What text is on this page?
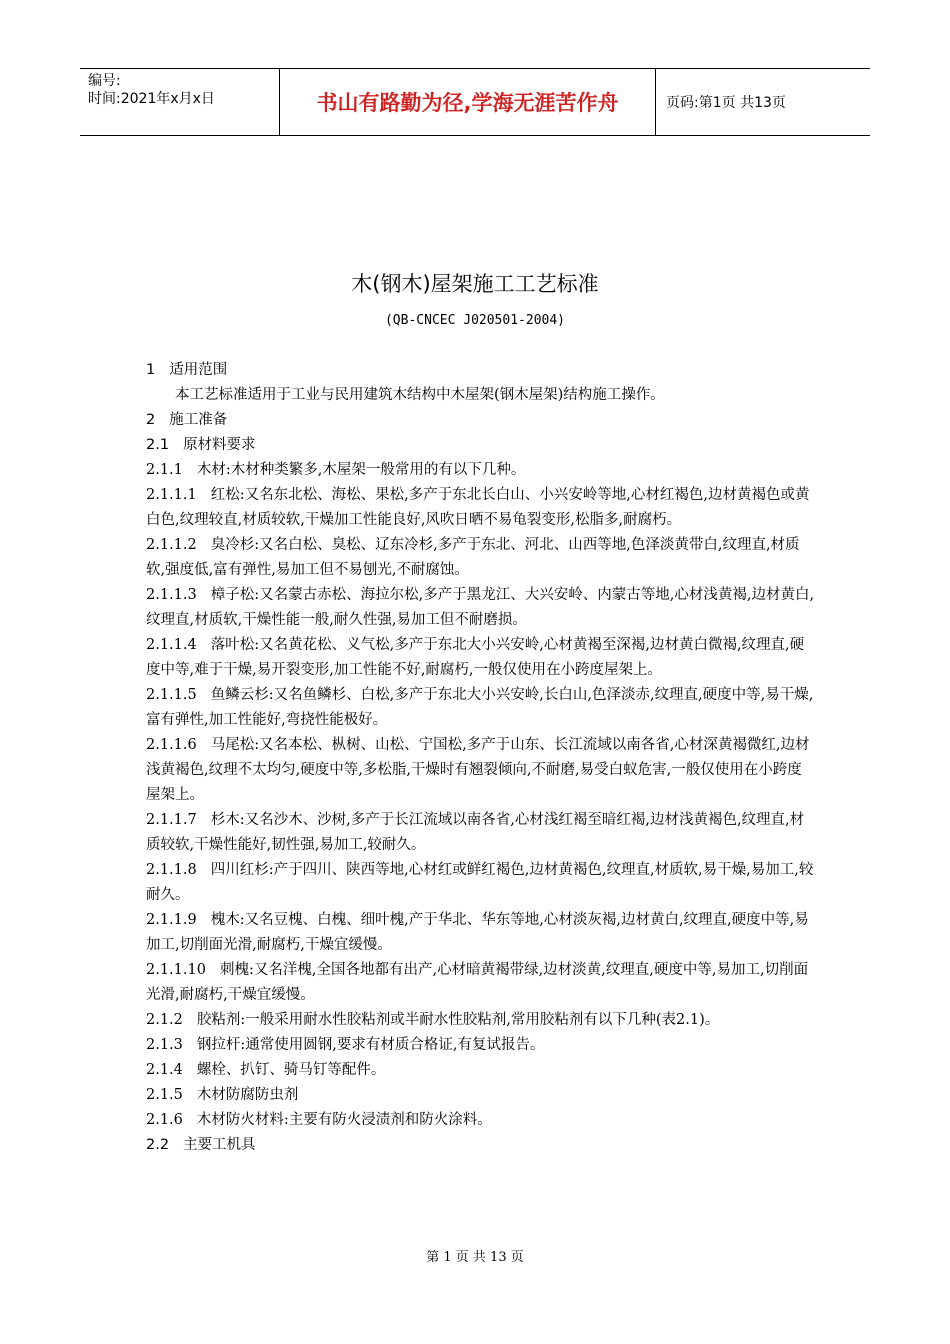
编号:
时间:2021年x月x日	书山有路勤为径,学海无涯苦作舟	页码:第1页 共13页
木(钢木)屋架施工工艺标准
(QB-CNCEC J020501-2004)

1 适用范围

本工艺标准适用于工业与民用建筑木结构中木屋架(钢木屋架)结构施工操作。

2 施工准备

2.1 原材料要求

2.1.1 木材:木材种类繁多,木屋架一般常用的有以下几种。

2.1.1.1 红松:又名东北松、海松、果松,多产于东北长白山、小兴安岭等地,心材红褐色,边材黄褐色或黄白色,纹理较直,材质较软,干燥加工性能良好,风吹日晒不易龟裂变形,松脂多,耐腐朽。

2.1.1.2 臭冷杉:又名白松、臭松、辽东冷杉,多产于东北、河北、山西等地,色泽淡黄带白,纹理直,材质软,强度低,富有弹性,易加工但不易刨光,不耐腐蚀。

2.1.1.3 樟子松:又名蒙古赤松、海拉尔松,多产于黑龙江、大兴安岭、内蒙古等地,心材浅黄褐,边材黄白,纹理直,材质软,干燥性能一般,耐久性强,易加工但不耐磨损。

2.1.1.4 落叶松:又名黄花松、义气松,多产于东北大小兴安岭,心材黄褐至深褐,边材黄白微褐,纹理直,硬度中等,难于干燥,易开裂变形,加工性能不好,耐腐朽,一般仅使用在小跨度屋架上。

2.1.1.5 鱼鳞云杉:又名鱼鳞杉、白松,多产于东北大小兴安岭,长白山,色泽淡赤,纹理直,硬度中等,易干燥,富有弹性,加工性能好,弯挠性能极好。

2.1.1.6 马尾松:又名本松、枞树、山松、宁国松,多产于山东、长江流域以南各省,心材深黄褐微红,边材浅黄褐色,纹理不太均匀,硬度中等,多松脂,干燥时有翘裂倾向,不耐磨,易受白蚁危害,一般仅使用在小跨度屋架上。

2.1.1.7 杉木:又名沙木、沙树,多产于长江流域以南各省,心材浅红褐至暗红褐,边材浅黄褐色,纹理直,材质较软,干燥性能好,韧性强,易加工,较耐久。

2.1.1.8 四川红杉:产于四川、陕西等地,心材红或鲜红褐色,边材黄褐色,纹理直,材质软,易干燥,易加工,较耐久。

2.1.1.9 槐木:又名豆槐、白槐、细叶槐,产于华北、华东等地,心材淡灰褐,边材黄白,纹理直,硬度中等,易加工,切削面光滑,耐腐朽,干燥宜缓慢。

2.1.1.10 刺槐:又名洋槐,全国各地都有出产,心材暗黄褐带绿,边材淡黄,纹理直,硬度中等,易加工,切削面光滑,耐腐朽,干燥宜缓慢。

2.1.2 胶粘剂:一般采用耐水性胶粘剂或半耐水性胶粘剂,常用胶粘剂有以下几种(表2.1)。

2.1.3 钢拉杆:通常使用圆钢,要求有材质合格证,有复试报告。

2.1.4 螺栓、扒钉、骑马钉等配件。

2.1.5 木材防腐防虫剂

2.1.6 木材防火材料:主要有防火浸渍剂和防火涂料。

2.2 主要工机具

第 1 页 共 13 页
